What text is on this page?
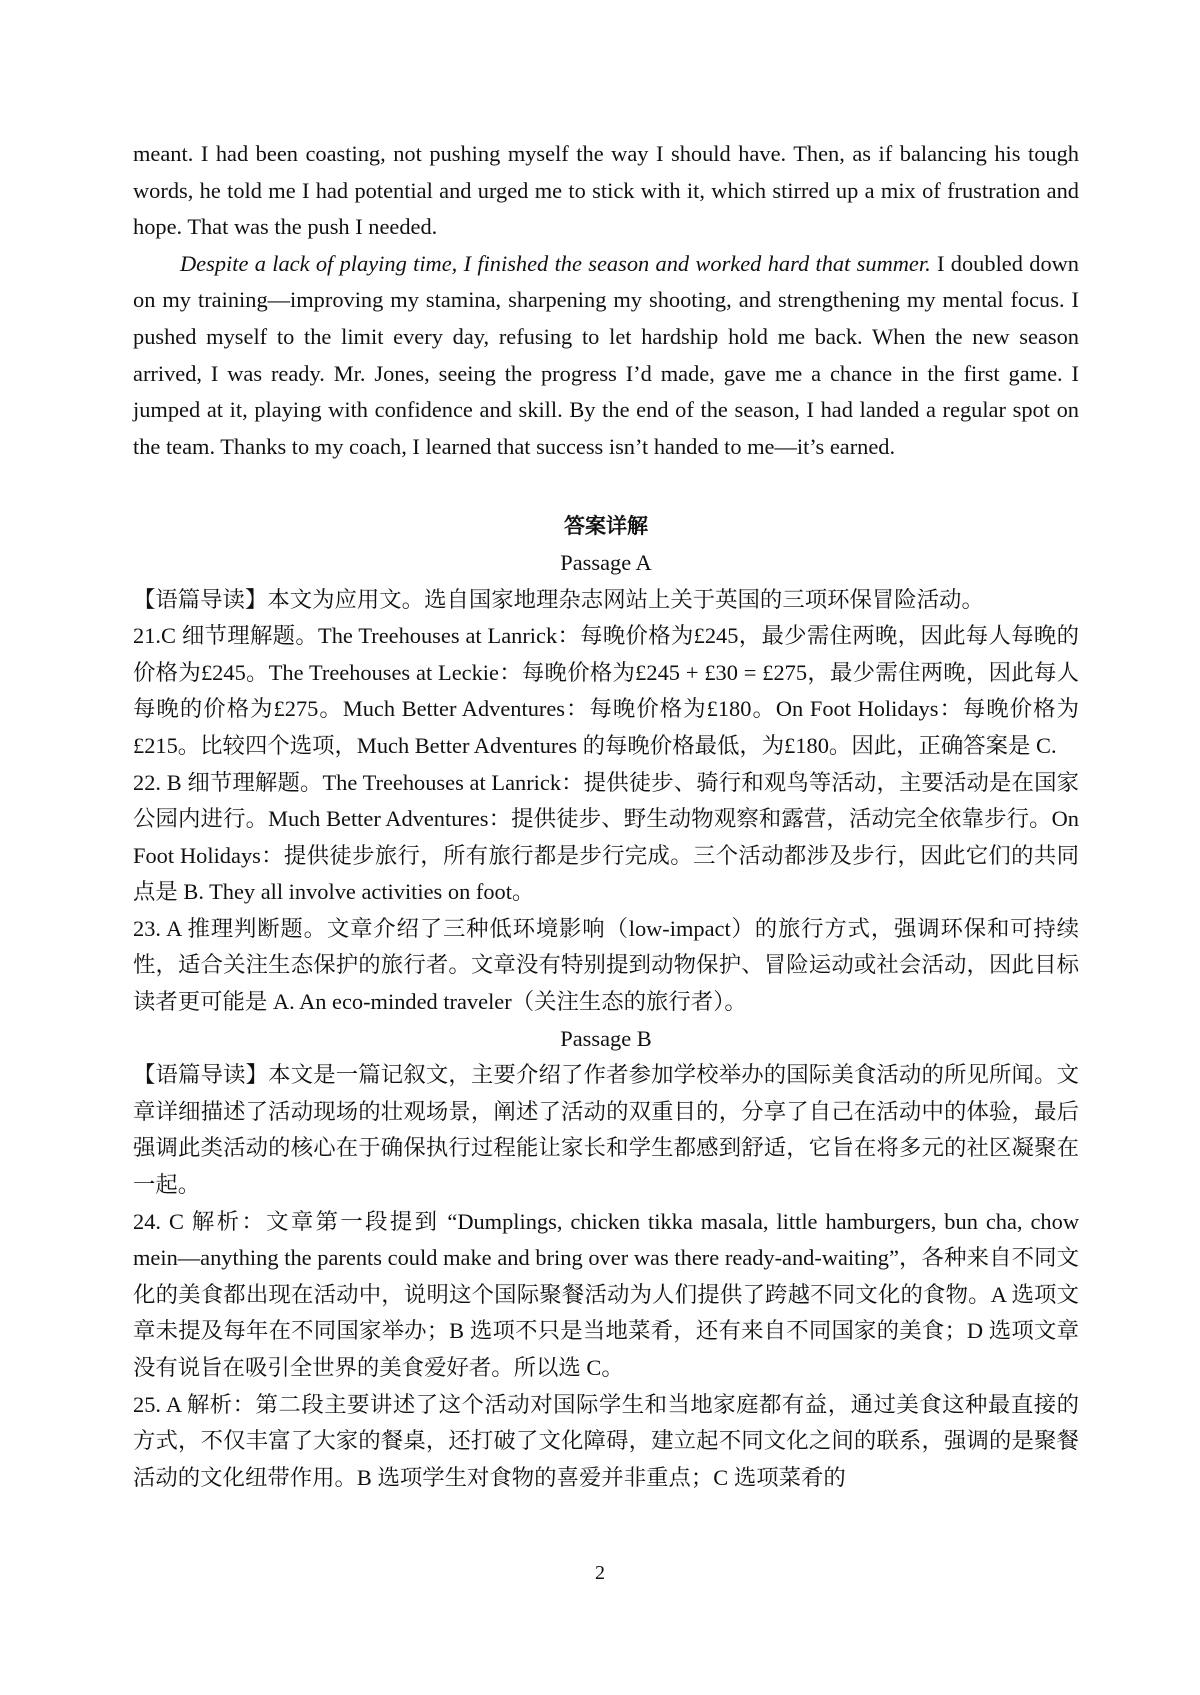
meant. I had been coasting, not pushing myself the way I should have. Then, as if balancing his tough words, he told me I had potential and urged me to stick with it, which stirred up a mix of frustration and hope. That was the push I needed.

Despite a lack of playing time, I finished the season and worked hard that summer. I doubled down on my training—improving my stamina, sharpening my shooting, and strengthening my mental focus. I pushed myself to the limit every day, refusing to let hardship hold me back. When the new season arrived, I was ready. Mr. Jones, seeing the progress I’d made, gave me a chance in the first game. I jumped at it, playing with confidence and skill. By the end of the season, I had landed a regular spot on the team. Thanks to my coach, I learned that success isn’t handed to me—it’s earned.

答案详解
Passage A

【语篇导读】本文为应用文。选自国家地理杂志网站上关于英国的三项环保冒险活动。

21.C 细节理解题。The Treehouses at Lanrick：每晚价格为£245，最少需住两晚，因此每人每晚的价格为£245。The Treehouses at Leckie：每晚价格为£245 + £30 = £275，最少需住两晚，因此每人每晚的价格为£275。Much Better Adventures：每晚价格为£180。On Foot Holidays：每晚价格为£215。比较四个选项，Much Better Adventures 的每晚价格最低，为£180。因此，正确答案是 C.

22. B 细节理解题。The Treehouses at Lanrick：提供徒步、骑行和观鸟等活动，主要活动是在国家公园内进行。Much Better Adventures：提供徒步、野生动物观察和露营，活动完全依靠步行。On Foot Holidays：提供徒步旅行，所有旅行都是步行完成。三个活动都涉及步行，因此它们的共同点是 B. They all involve activities on foot。

23. A 推理判断题。文章介绍了三种低环境影响（low-impact）的旅行方式，强调环保和可持续性，适合关注生态保护的旅行者。文章没有特别提到动物保护、冒险运动或社会活动，因此目标读者更可能是 A. An eco-minded traveler（关注生态的旅行者）。

Passage B

【语篇导读】本文是一篇记叙文，主要介绍了作者参加学校举办的国际美食活动的所见所闻。文章详细描述了活动现场的壮观场景，阐述了活动的双重目的，分享了自己在活动中的体验，最后强调此类活动的核心在于确保执行过程能让家长和学生都感到舒适，它旨在将多元的社区凝聚在一起。

24. C 解析：文章第一段提到 “Dumplings, chicken tikka masala, little hamburgers, bun cha, chow mein—anything the parents could make and bring over was there ready-and-waiting”，各种来自不同文化的美食都出现在活动中，说明这个国际聚餐活动为人们提供了跨越不同文化的食物。A 选项文章未提及每年在不同国家举办；B 选项不只是当地菜肴，还有来自不同国家的美食；D 选项文章没有说旨在吸引全世界的美食爱好者。所以选 C。

25. A 解析：第二段主要讲述了这个活动对国际学生和当地家庭都有益，通过美食这种最直接的方式，不仅丰富了大家的餐桌，还打破了文化障碍，建立起不同文化之间的联系，强调的是聚餐活动的文化纽带作用。B 选项学生对食物的喜爱并非重点；C 选项菜肴的

2
